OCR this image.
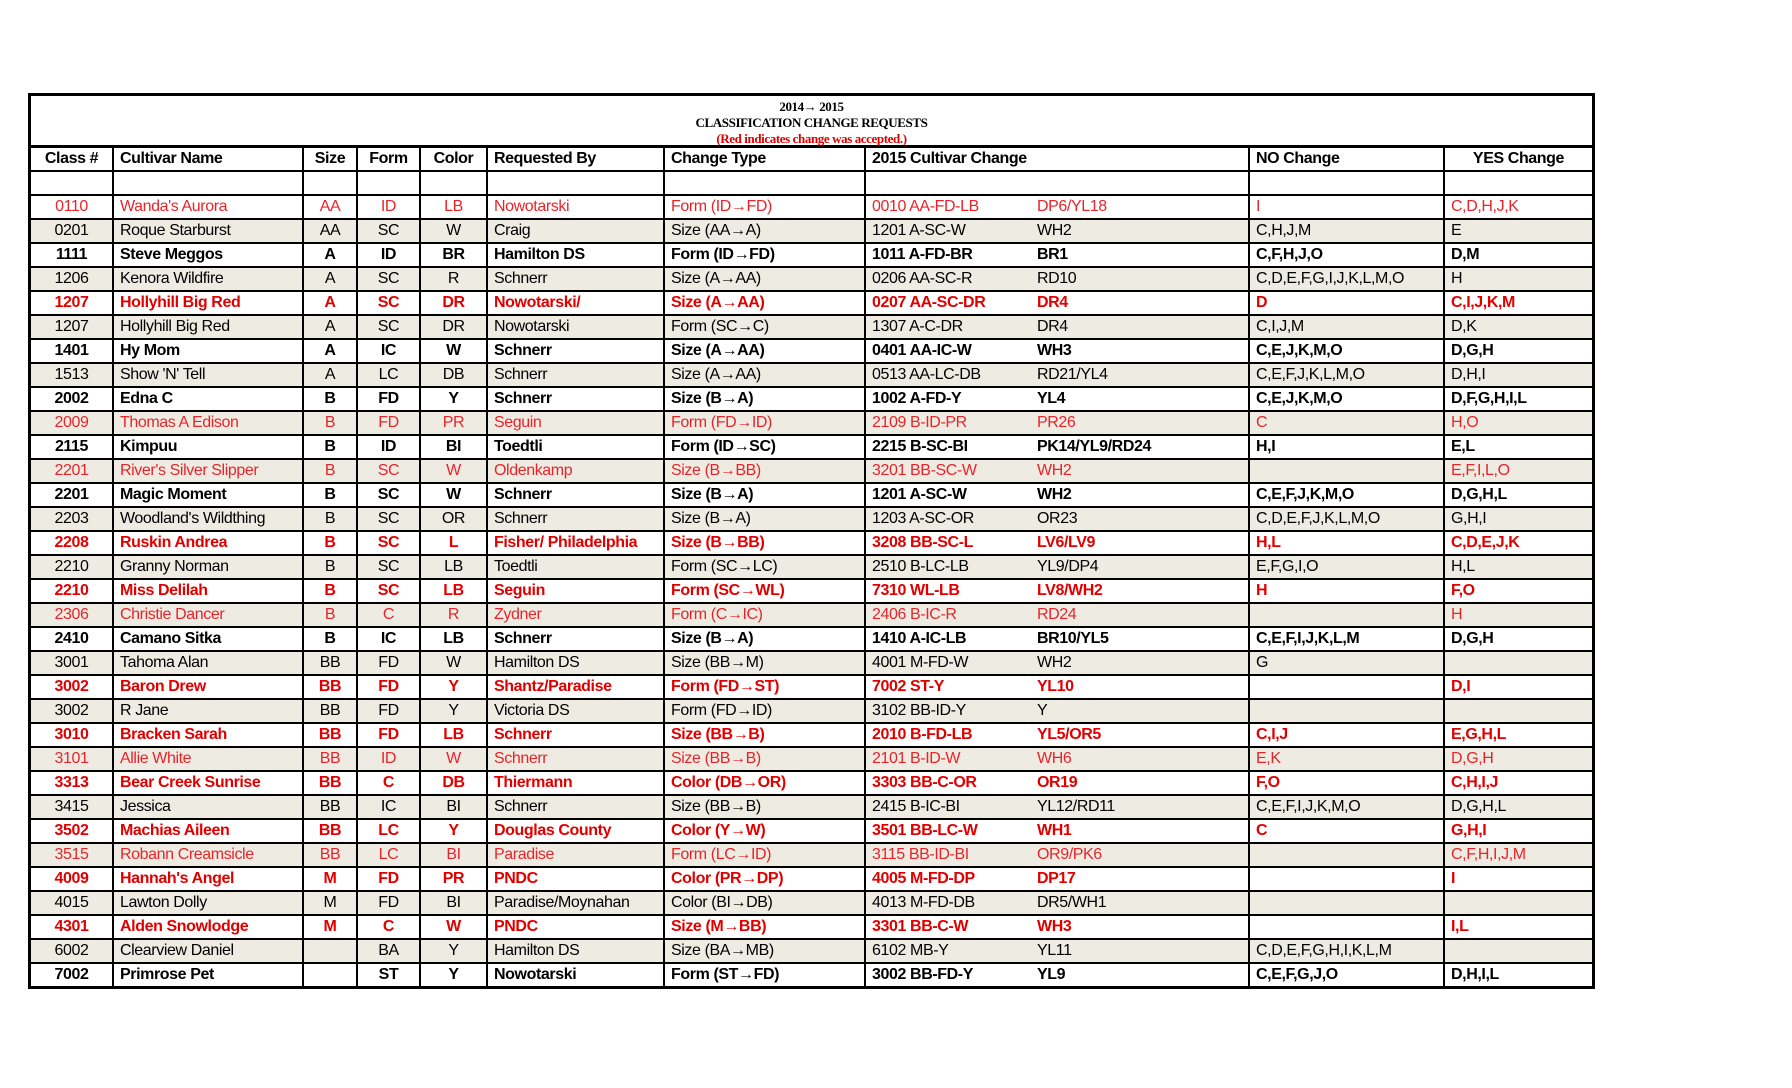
2014→ 2015
CLASSIFICATION CHANGE REQUESTS
(Red indicates change was accepted.)
Class #	Cultivar Name	Size	Form	Color	Requested By	Change Type	2015 Cultivar Change	NO Change	YES Change

0110	Wanda's Aurora	AA	ID	LB	Nowotarski	Form (ID→FD)	0010 AA-FD-LB DP6/YL18	I	C,D,H,J,K
0201	Roque Starburst	AA	SC	W	Craig	Size (AA→A)	1201 A-SC-W WH2	C,H,J,M	E
1111	Steve Meggos	A	ID	BR	Hamilton DS	Form (ID→FD)	1011 A-FD-BR BR1	C,F,H,J,O	D,M
1206	Kenora Wildfire	A	SC	R	Schnerr	Size (A→AA)	0206 AA-SC-R RD10	C,D,E,F,G,I,J,K,L,M,O	H
1207	Hollyhill Big Red	A	SC	DR	Nowotarski/	Size (A→AA)	0207 AA-SC-DR DR4	D	C,I,J,K,M
1207	Hollyhill Big Red	A	SC	DR	Nowotarski	Form (SC→C)	1307 A-C-DR DR4	C,I,J,M	D,K
1401	Hy Mom	A	IC	W	Schnerr	Size (A→AA)	0401 AA-IC-W WH3	C,E,J,K,M,O	D,G,H
1513	Show 'N' Tell	A	LC	DB	Schnerr	Size (A→AA)	0513 AA-LC-DB RD21/YL4	C,E,F,J,K,L,M,O	D,H,I
2002	Edna C	B	FD	Y	Schnerr	Size (B→A)	1002 A-FD-Y YL4	C,E,J,K,M,O	D,F,G,H,I,L
2009	Thomas A Edison	B	FD	PR	Seguin	Form (FD→ID)	2109 B-ID-PR PR26	C	H,O
2115	Kimpuu	B	ID	BI	Toedtli	Form (ID→SC)	2215 B-SC-BI PK14/YL9/RD24	H,I	E,L
2201	River's Silver Slipper	B	SC	W	Oldenkamp	Size (B→BB)	3201 BB-SC-W WH2		E,F,I,L,O
2201	Magic Moment	B	SC	W	Schnerr	Size (B→A)	1201 A-SC-W WH2	C,E,F,J,K,M,O	D,G,H,L
2203	Woodland's Wildthing	B	SC	OR	Schnerr	Size (B→A)	1203 A-SC-OR OR23	C,D,E,F,J,K,L,M,O	G,H,I
2208	Ruskin Andrea	B	SC	L	Fisher/ Philadelphia	Size (B→BB)	3208 BB-SC-L LV6/LV9	H,L	C,D,E,J,K
2210	Granny Norman	B	SC	LB	Toedtli	Form (SC→LC)	2510 B-LC-LB YL9/DP4	E,F,G,I,O	H,L
2210	Miss Delilah	B	SC	LB	Seguin	Form (SC→WL)	7310 WL-LB LV8/WH2	H	F,O
2306	Christie Dancer	B	C	R	Zydner	Form (C→IC)	2406 B-IC-R RD24		H
2410	Camano Sitka	B	IC	LB	Schnerr	Size (B→A)	1410 A-IC-LB BR10/YL5	C,E,F,I,J,K,L,M	D,G,H
3001	Tahoma Alan	BB	FD	W	Hamilton DS	Size (BB→M)	4001 M-FD-W WH2	G	
3002	Baron Drew	BB	FD	Y	Shantz/Paradise	Form (FD→ST)	7002 ST-Y YL10		D,I
3002	R Jane	BB	FD	Y	Victoria DS	Form (FD→ID)	3102 BB-ID-Y Y		
3010	Bracken Sarah	BB	FD	LB	Schnerr	Size (BB→B)	2010 B-FD-LB YL5/OR5	C,I,J	E,G,H,L
3101	Allie White	BB	ID	W	Schnerr	Size (BB→B)	2101 B-ID-W WH6	E,K	D,G,H
3313	Bear Creek Sunrise	BB	C	DB	Thiermann	Color (DB→OR)	3303 BB-C-OR OR19	F,O	C,H,I,J
3415	Jessica	BB	IC	BI	Schnerr	Size (BB→B)	2415 B-IC-BI YL12/RD11	C,E,F,I,J,K,M,O	D,G,H,L
3502	Machias Aileen	BB	LC	Y	Douglas County	Color (Y→W)	3501 BB-LC-W WH1	C	G,H,I
3515	Robann Creamsicle	BB	LC	BI	Paradise	Form (LC→ID)	3115 BB-ID-BI OR9/PK6		C,F,H,I,J,M
4009	Hannah's Angel	M	FD	PR	PNDC	Color (PR→DP)	4005 M-FD-DP DP17		I
4015	Lawton Dolly	M	FD	BI	Paradise/Moynahan	Color (BI→DB)	4013 M-FD-DB DR5/WH1		
4301	Alden Snowlodge	M	C	W	PNDC	Size (M→BB)	3301 BB-C-W WH3		I,L
6002	Clearview Daniel		BA	Y	Hamilton DS	Size (BA→MB)	6102 MB-Y YL11	C,D,E,F,G,H,I,K,L,M	
7002	Primrose Pet		ST	Y	Nowotarski	Form (ST→FD)	3002 BB-FD-Y YL9	C,E,F,G,J,O	D,H,I,L
